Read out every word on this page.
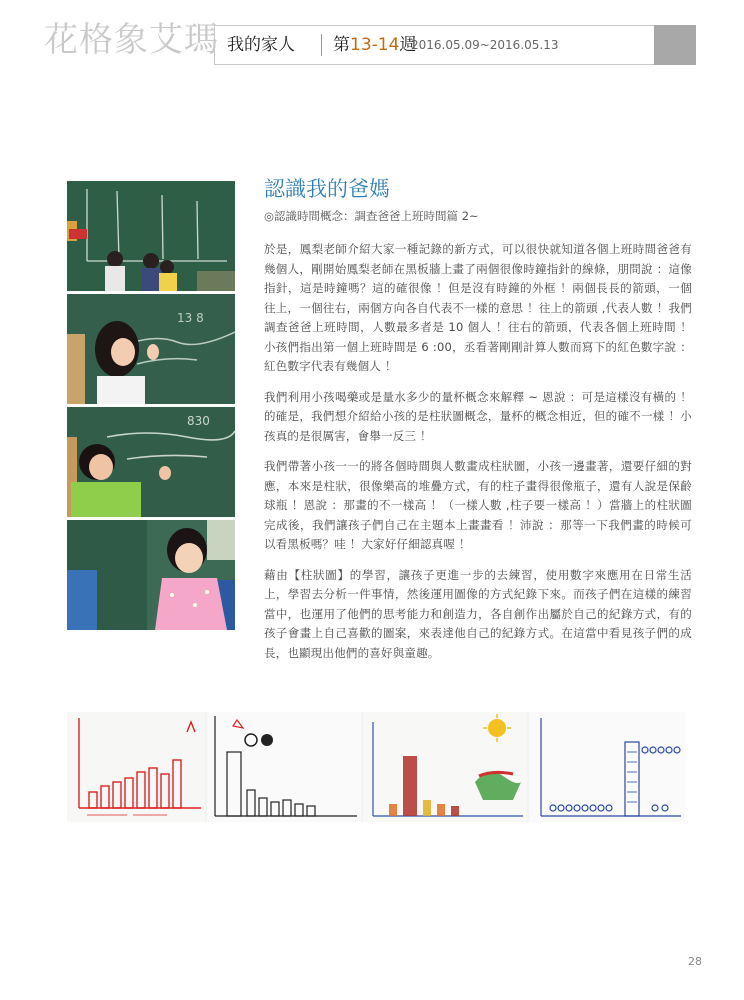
花格象艾瑪 我的家人 第13-14週
2016.05.09~2016.05.13
13 8
830
認識我的爸媽
◎認識時間概念：調查爸爸上班時間篇 2~

於是，鳳梨老師介紹大家一種記錄的新方式，可以很快就知道各個上班時間爸爸有幾個人，剛開始鳳梨老師在黑板牆上畫了兩個很像時鐘指針的線條，朋問說 ：這像指針，這是時鐘嗎？這的確很像 ！但是沒有時鐘的外框 ！兩個長長的箭頭，一個往上，一個往右，兩個方向各自代表不一樣的意思 ！往上的箭頭 ,代表人數 ！我們調查爸爸上班時間，人數最多者是 10 個人 ！往右的箭頭，代表各個上班時間 ！小孩們指出第一個上班時間是 6 :00，丞看著剛剛計算人數而寫下的紅色數字說 ：紅色數字代表有幾個人 ！

我們利用小孩喝藥或是量水多少的量杯概念來解釋 ~ 恩說 ：可是這樣沒有橫的 ！的確是，我們想介紹給小孩的是柱狀圖概念，量杯的概念相近，但的確不一樣 ！小孩真的是很厲害，會舉一反三 ！

我們帶著小孩一一的將各個時間與人數畫成柱狀圖，小孩一邊畫著，還要仔細的對應，本來是柱狀，很像樂高的堆疊方式，有的柱子畫得很像瓶子，還有人說是保齡球瓶 ！恩說 ：那畫的不一樣高 ！（一樣人數 ,柱子要一樣高 ！）當牆上的柱狀圖完成後，我們讓孩子們自己在主題本上畫畫看 ！沛說 ：那等一下我們畫的時候可以看黑板嗎？哇 ！大家好仔細認真喔 ！

藉由【柱狀圖】的學習，讓孩子更進一步的去練習，使用數字來應用在日常生活上，學習去分析一件事情，然後運用圖像的方式紀錄下來。而孩子們在這樣的練習當中，也運用了他們的思考能力和創造力，各自創作出屬於自己的紀錄方式，有的孩子會畫上自己喜歡的圖案，來表達他自己的紀錄方式。在這當中看見孩子們的成長，也顯現出他們的喜好與童趣。

28
